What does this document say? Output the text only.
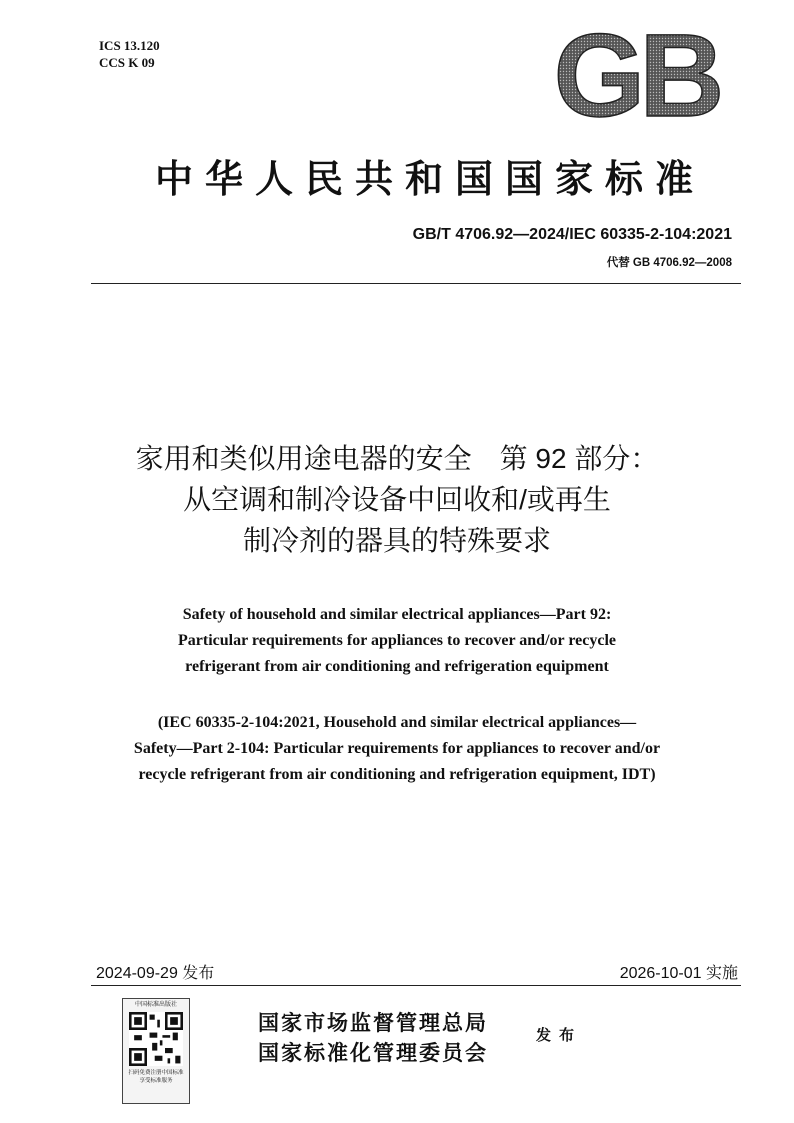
ICS 13.120
CCS K 09	GB
中华人民共和国国家标准
GB/T 4706.92—2024/IEC 60335-2-104:2021
代替 GB 4706.92—2008
家用和类似用途电器的安全　第 92 部分：
从空调和制冷设备中回收和/或再生
制冷剂的器具的特殊要求
Safety of household and similar electrical appliances—Part 92:
Particular requirements for appliances to recover and/or recycle
refrigerant from air conditioning and refrigeration equipment
(IEC 60335-2-104:2021, Household and similar electrical appliances—
Safety—Part 2-104: Particular requirements for appliances to recover and/or
recycle refrigerant from air conditioning and refrigeration equipment, IDT)
2024-09-29 发布	2026-10-01 实施
中国标准出版社
扫码免费注册中国标准
享受标准服务
国家市场监督管理总局
国家标准化管理委员会
发布
